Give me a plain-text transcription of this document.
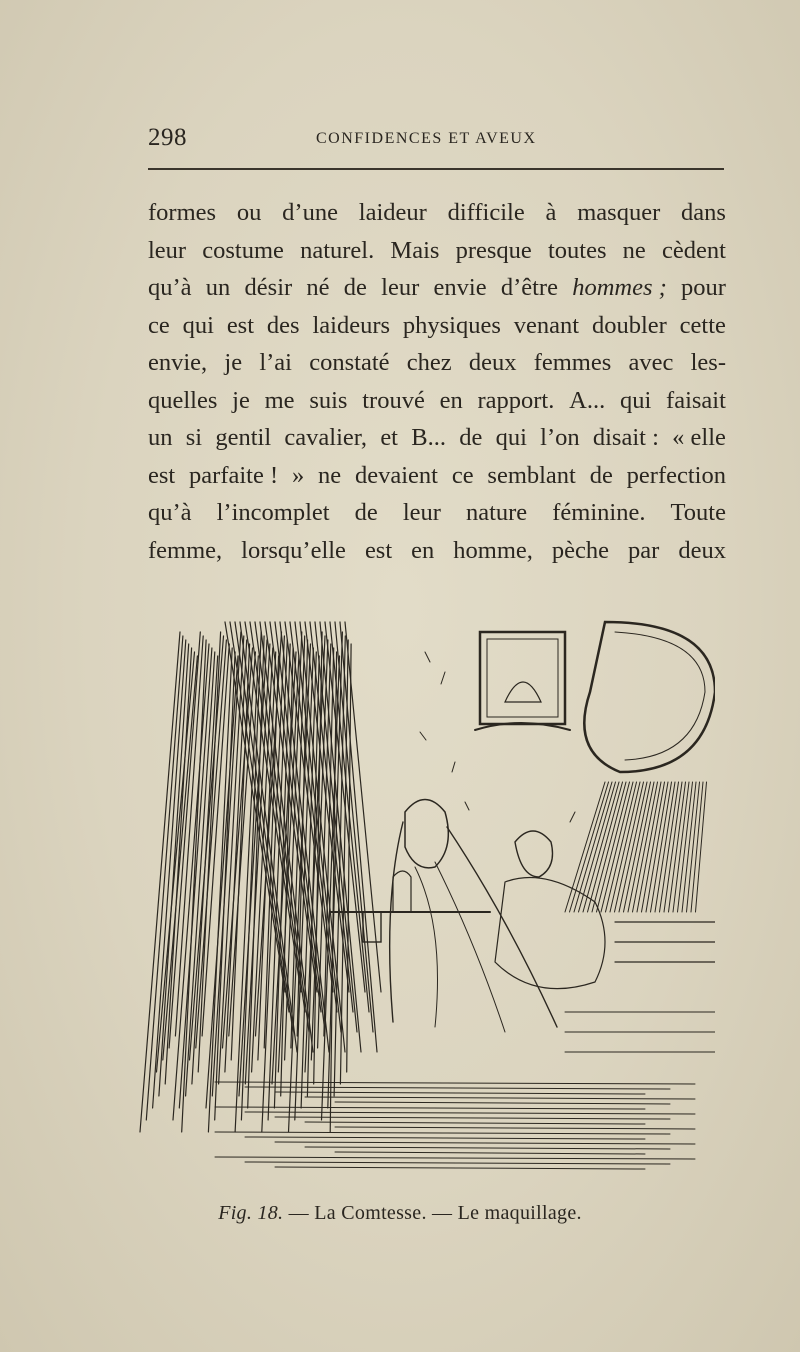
298	CONFIDENCES ET AVEUX
formes ou d’une laideur difficile à masquer dans
leur costume naturel. Mais presque toutes ne cèdent
qu’à un désir né de leur envie d’être hommes ; pour
ce qui est des laideurs physiques venant doubler cette
envie, je l’ai constaté chez deux femmes avec les-
quelles je me suis trouvé en rapport. A... qui faisait
un si gentil cavalier, et B... de qui l’on disait : « elle
est parfaite ! » ne devaient ce semblant de perfection
qu’à l’incomplet de leur nature féminine. Toute
femme, lorsqu’elle est en homme, pèche par deux
Fig. 18. — La Comtesse. — Le maquillage.
